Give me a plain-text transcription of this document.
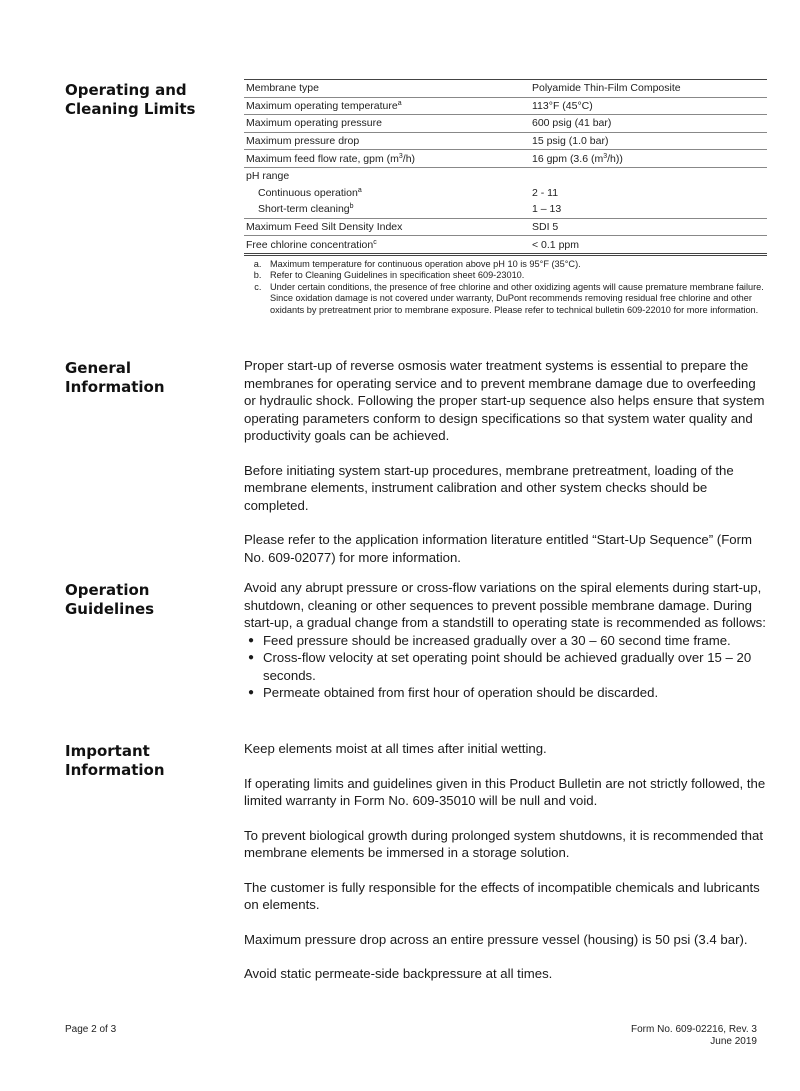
Operating and
Cleaning Limits
General
Information
Operation
Guidelines
Important
Information
Membrane type	Polyamide Thin-Film Composite
Maximum operating temperature$^a$	113°F (45°C)
Maximum operating pressure	600 psig (41 bar)
Maximum pressure drop	15 psig (1.0 bar)
Maximum feed flow rate, gpm $(m^3/h)$	16 gpm (3.6 $(m^3/h)$)
pH range	
Continuous operation$^a$	2 - 11
Short-term cleaning$^b$	1 – 13
Maximum Feed Silt Density Index	SDI 5
Free chlorine concentration$^c$	< 0.1 ppm
a. Maximum temperature for continuous operation above pH 10 is 95°F (35°C).
b. Refer to Cleaning Guidelines in specification sheet 609-23010.
c. Under certain conditions, the presence of free chlorine and other oxidizing agents will cause premature membrane failure. Since oxidation damage is not covered under warranty, DuPont recommends removing residual free chlorine and other oxidants by pretreatment prior to membrane exposure. Please refer to technical bulletin 609-22010 for more information.

Proper start-up of reverse osmosis water treatment systems is essential to prepare the membranes for operating service and to prevent membrane damage due to overfeeding or hydraulic shock. Following the proper start-up sequence also helps ensure that system operating parameters conform to design specifications so that system water quality and productivity goals can be achieved.

Before initiating system start-up procedures, membrane pretreatment, loading of the membrane elements, instrument calibration and other system checks should be completed.

Please refer to the application information literature entitled “Start-Up Sequence” (Form No. 609-02077) for more information.

Avoid any abrupt pressure or cross-flow variations on the spiral elements during start-up, shutdown, cleaning or other sequences to prevent possible membrane damage. During start-up, a gradual change from a standstill to operating state is recommended as follows:

● Feed pressure should be increased gradually over a 30 – 60 second time frame.
● Cross-flow velocity at set operating point should be achieved gradually over 15 – 20 seconds.
● Permeate obtained from first hour of operation should be discarded.

Keep elements moist at all times after initial wetting.

If operating limits and guidelines given in this Product Bulletin are not strictly followed, the limited warranty in Form No. 609-35010 will be null and void.

To prevent biological growth during prolonged system shutdowns, it is recommended that membrane elements be immersed in a storage solution.

The customer is fully responsible for the effects of incompatible chemicals and lubricants on elements.

Maximum pressure drop across an entire pressure vessel (housing) is 50 psi (3.4 bar).

Avoid static permeate-side backpressure at all times.

Page 2 of 3	Form No. 609-02216, Rev. 3
June 2019
